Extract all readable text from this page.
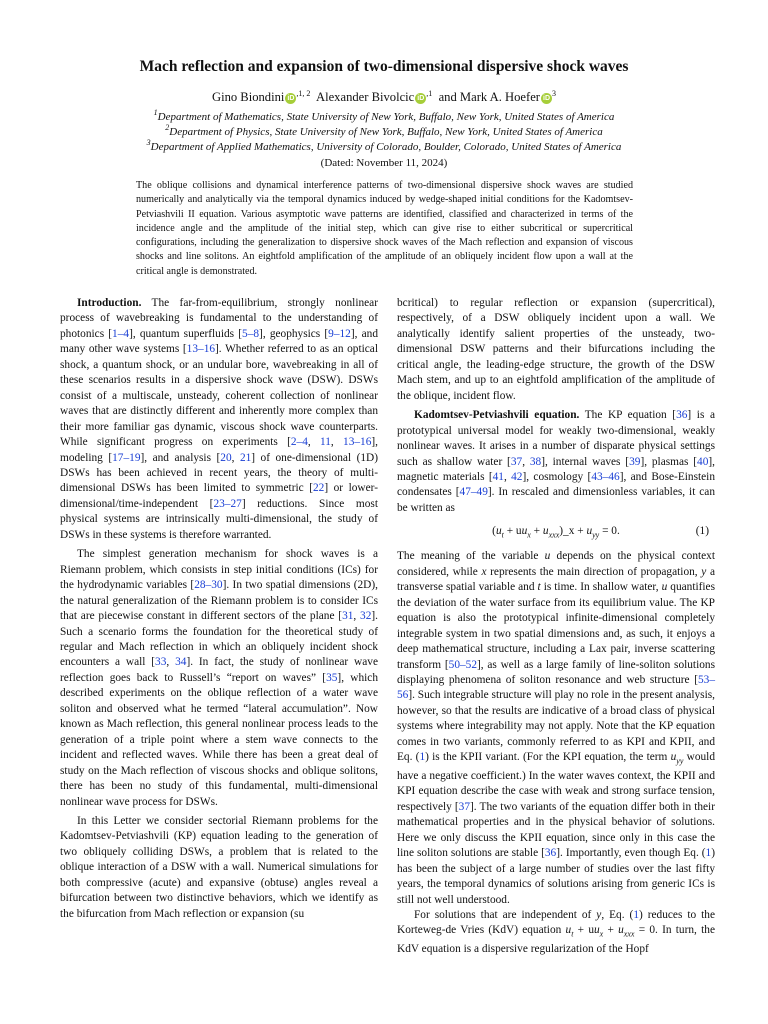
Mach reflection and expansion of two-dimensional dispersive shock waves
Gino Biondini $iD^{,1, 2}$ Alexander Bivolcic $iD^{,1}$ and Mark A. Hoefer $iD^3$
$^1$Department of Mathematics, State University of New York, Buffalo, New York, United States of America
$^2$Department of Physics, State University of New York, Buffalo, New York, United States of America
$^3$Department of Applied Mathematics, University of Colorado, Boulder, Colorado, United States of America
(Dated: November 11, 2024)
The oblique collisions and dynamical interference patterns of two-dimensional dispersive shock waves are studied numerically and analytically via the temporal dynamics induced by wedge-shaped initial conditions for the Kadomtsev-Petviashvili II equation. Various asymptotic wave patterns are identified, classified and characterized in terms of the incidence angle and the amplitude of the initial step, which can give rise to either subcritical or supercritical configurations, including the generalization to dispersive shock waves of the Mach reflection and expansion of viscous shocks and line solitons. An eightfold amplification of the amplitude of an obliquely incident flow upon a wall at the critical angle is demonstrated.

Introduction. The far-from-equilibrium, strongly nonlinear process of wavebreaking is fundamental to the understanding of photonics [1–4], quantum superfluids [5–8], geophysics [9–12], and many other wave systems [13–16]. Whether referred to as an optical shock, a quantum shock, or an undular bore, wavebreaking in all of these scenarios results in a dispersive shock wave (DSW). DSWs consist of a multiscale, unsteady, coherent collection of nonlinear waves that are distinctly different and inherently more complex than their more familiar gas dynamic, viscous shock wave counterparts. While significant progress on experiments [2–4, 11, 13–16], modeling [17–19], and analysis [20, 21] of one-dimensional (1D) DSWs has been achieved in recent years, the theory of multi-dimensional DSWs has been limited to symmetric [22] or lower-dimensional/time-independent [23–27] reductions. Since most physical systems are intrinsically multi-dimensional, the study of DSWs in these systems is therefore warranted.

The simplest generation mechanism for shock waves is a Riemann problem, which consists in step initial conditions (ICs) for the hydrodynamic variables [28–30]. In two spatial dimensions (2D), the natural generalization of the Riemann problem is to consider ICs that are piecewise constant in different sectors of the plane [31, 32]. Such a scenario forms the foundation for the theoretical study of regular and Mach reflection in which an obliquely incident shock encounters a wall [33, 34]. In fact, the study of nonlinear wave reflection goes back to Russell’s “report on waves” [35], which described experiments on the oblique reflection of a water wave soliton and observed what he termed “lateral accumulation”. Now known as Mach reflection, this general nonlinear process leads to the generation of a triple point where a stem wave connects to the incident and reflected waves. While there has been a great deal of study on the Mach reflection of viscous shocks and oblique solitons, there has been no study of this fundamental, multi-dimensional nonlinear wave process for DSWs.

In this Letter we consider sectorial Riemann problems for the Kadomtsev-Petviashvili (KP) equation leading to the generation of two obliquely colliding DSWs, a problem that is related to the oblique interaction of a DSW with a wall. Numerical simulations for both compressive (acute) and expansive (obtuse) angles reveal a bifurcation between two distinctive behaviors, which we identify as the bifurcation from Mach reflection or expansion (su

bcritical) to regular reflection or expansion (supercritical), respectively, of a DSW obliquely incident upon a wall. We analytically identify salient properties of the unsteady, two-dimensional DSW patterns and their bifurcations including the critical angle, the leading-edge structure, the growth of the DSW Mach stem, and up to an eightfold amplification of the amplitude of the oblique, incident flow.

Kadomtsev-Petviashvili equation. The KP equation [36] is a prototypical universal model for weakly two-dimensional, weakly nonlinear waves. It arises in a number of disparate physical settings such as shallow water [37, 38], internal waves [39], plasmas [40], magnetic materials [41, 42], cosmology [43–46], and Bose-Einstein condensates [47–49]. In rescaled and dimensionless variables, it can be written as

($u_t + uu_x$ + $u_{xxx})\_x + u_{yy} = 0$.	(1)

The meaning of the variable u depends on the physical context considered, while x represents the main direction of propagation, y a transverse spatial variable and t is time. In shallow water, u quantifies the deviation of the water surface from its equilibrium value. The KP equation is also the prototypical infinite-dimensional completely integrable system in two spatial dimensions and, as such, it enjoys a deep mathematical structure, including a Lax pair, inverse scattering transform [50–52], as well as a large family of line-soliton solutions displaying phenomena of soliton resonance and web structure [53–56]. Such integrable structure will play no role in the present analysis, however, so that the results are indicative of a broad class of physical systems where integrability may not apply. Note that the KP equation comes in two variants, commonly referred to as KPI and KPII, and Eq. (1) is the KPII variant. (For the KPI equation, the term $u_{yy}$ would have a negative coefficient.) In the water waves context, the KPII and KPI equation describe the case with weak and strong surface tension, respectively [37]. The two variants of the equation differ both in their mathematical properties and in the physical behavior of solutions. Here we only discuss the KPII equation, since only in this case the line soliton solutions are stable [36]. Importantly, even though Eq. (1) has been the subject of a large number of studies over the last fifty years, the temporal dynamics of solutions arising from generic ICs is still not well understood.

For solutions that are independent of y, Eq. (1) reduces to the Korteweg-de Vries (KdV) equation $u_t + uu_x + u_{xxx} = 0$. In turn, the KdV equation is a dispersive regularization of the Hopf
